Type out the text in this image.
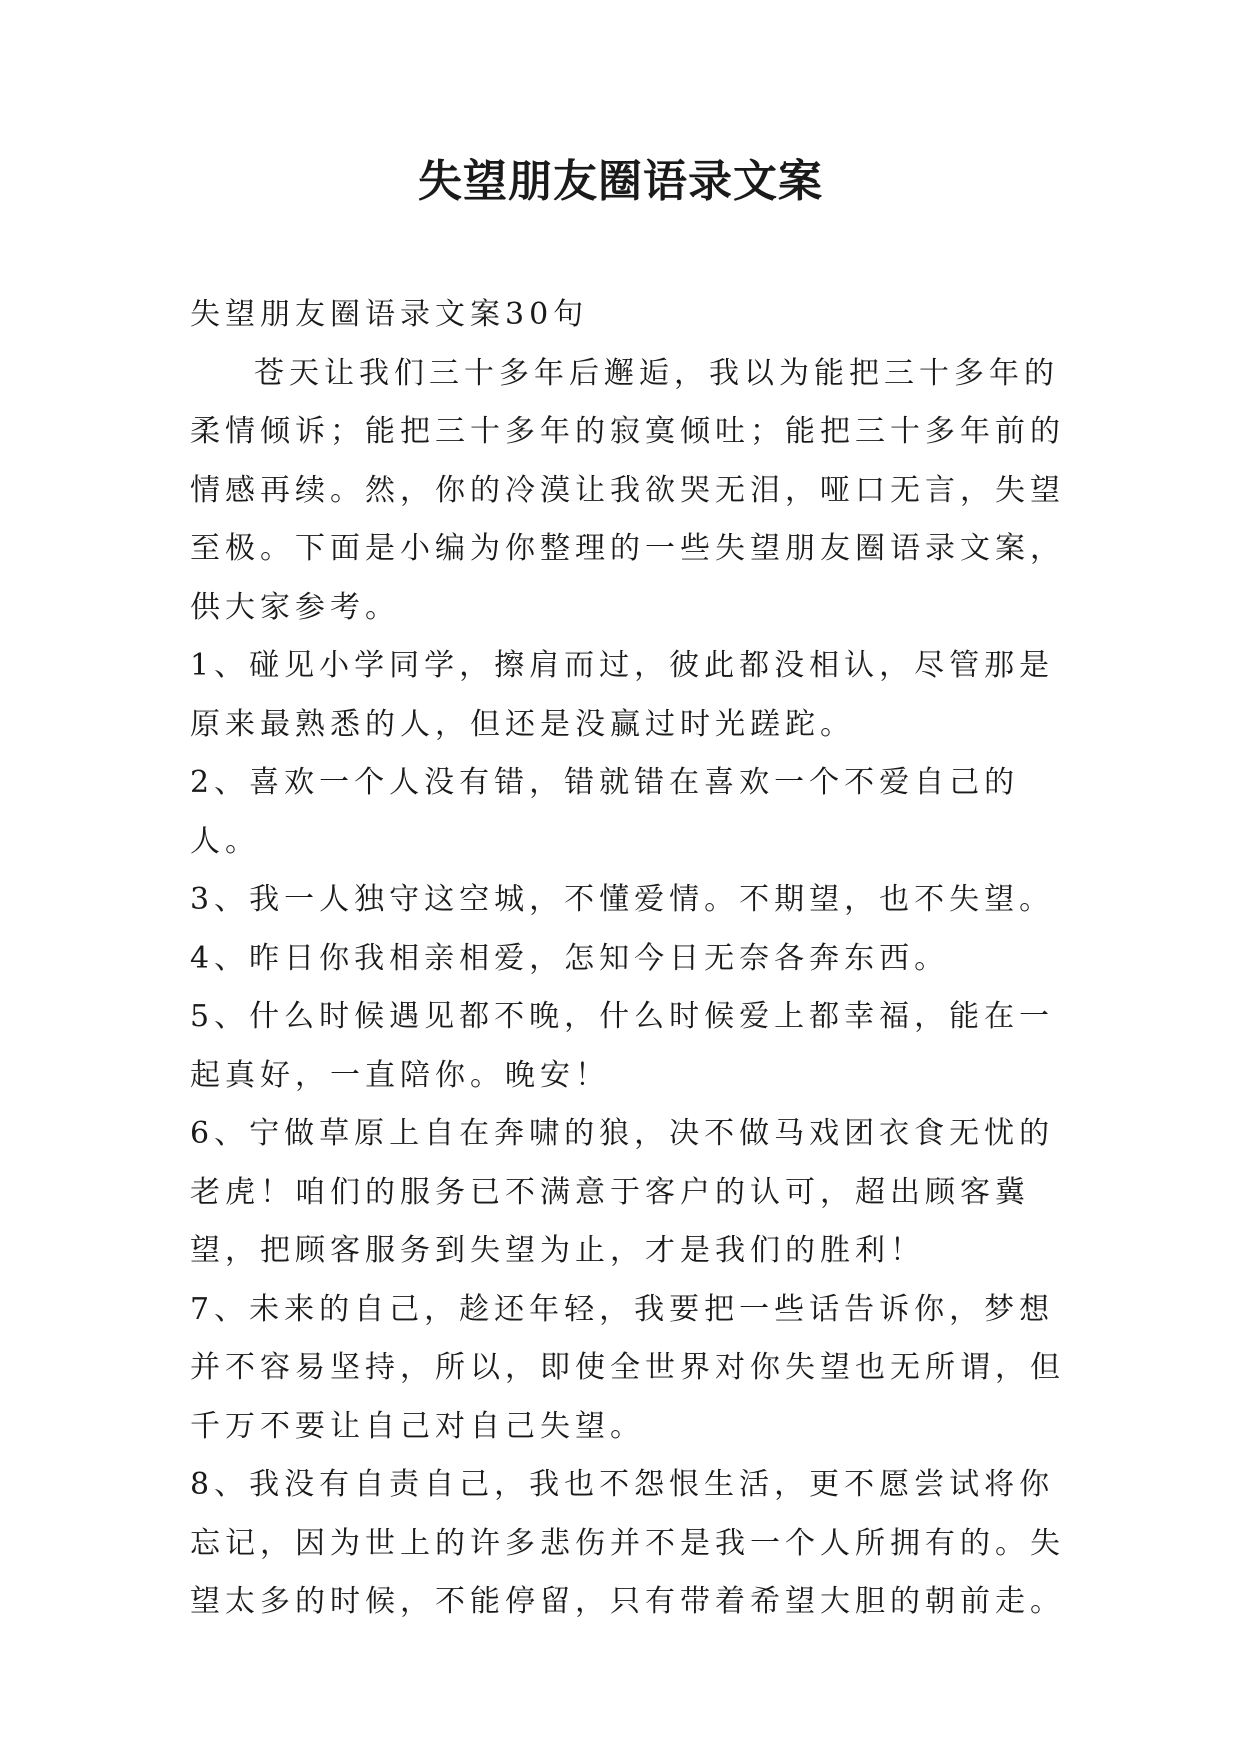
失望朋友圈语录文案

失望朋友圈语录文案30句

苍天让我们三十多年后邂逅，我以为能把三十多年的柔情倾诉；能把三十多年的寂寞倾吐；能把三十多年前的情感再续。然，你的冷漠让我欲哭无泪，哑口无言，失望至极。下面是小编为你整理的一些失望朋友圈语录文案，供大家参考。

1、碰见小学同学，擦肩而过，彼此都没相认，尽管那是原来最熟悉的人，但还是没赢过时光蹉跎。

2、喜欢一个人没有错，错就错在喜欢一个不爱自己的人。

3、我一人独守这空城，不懂爱情。不期望，也不失望。

4、昨日你我相亲相爱，怎知今日无奈各奔东西。

5、什么时候遇见都不晚，什么时候爱上都幸福，能在一起真好，一直陪你。晚安！

6、宁做草原上自在奔啸的狼，决不做马戏团衣食无忧的老虎！咱们的服务已不满意于客户的认可，超出顾客冀望，把顾客服务到失望为止，才是我们的胜利！

7、未来的自己，趁还年轻，我要把一些话告诉你，梦想并不容易坚持，所以，即使全世界对你失望也无所谓，但千万不要让自己对自己失望。

8、我没有自责自己，我也不怨恨生活，更不愿尝试将你忘记，因为世上的许多悲伤并不是我一个人所拥有的。失望太多的时候，不能停留，只有带着希望大胆的朝前走。
